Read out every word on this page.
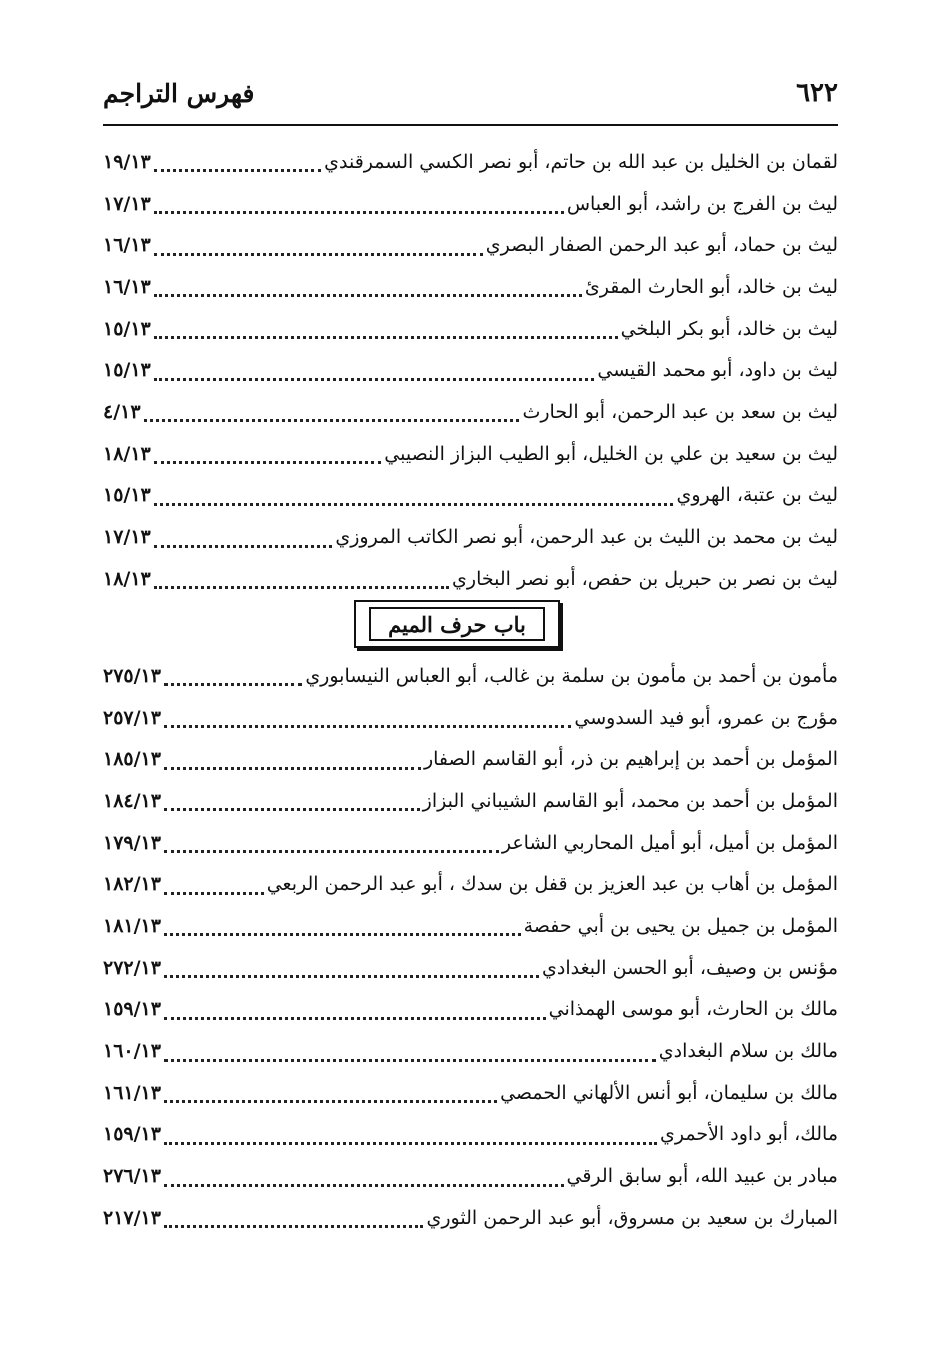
٦٢٢
فهرس التراجم
لقمان بن الخليل بن عبد الله بن حاتم، أبو نصر الكسي السمرقندي
١٩/١٣
ليث بن الفرج بن راشد، أبو العباس
١٧/١٣
ليث بن حماد، أبو عبد الرحمن الصفار البصري
١٦/١٣
ليث بن خالد، أبو الحارث المقرئ
١٦/١٣
ليث بن خالد، أبو بكر البلخي
١٥/١٣
ليث بن داود، أبو محمد القيسي
١٥/١٣
ليث بن سعد بن عبد الرحمن، أبو الحارث
٤/١٣
ليث بن سعيد بن علي بن الخليل، أبو الطيب البزاز النصيبي
١٨/١٣
ليث بن عتبة، الهروي
١٥/١٣
ليث بن محمد بن الليث بن عبد الرحمن، أبو نصر الكاتب المروزي
١٧/١٣
ليث بن نصر بن حبريل بن حفص، أبو نصر البخاري
١٨/١٣
باب حرف الميم
مأمون بن أحمد بن مأمون بن سلمة بن غالب، أبو العباس النيسابوري
٢٧٥/١٣
مؤرج بن عمرو، أبو فيد السدوسي
٢٥٧/١٣
المؤمل بن أحمد بن إبراهيم بن ذر، أبو القاسم الصفار
١٨٥/١٣
المؤمل بن أحمد بن محمد، أبو القاسم الشيباني البزاز
١٨٤/١٣
المؤمل بن أميل، أبو أميل المحاربي الشاعر
١٧٩/١٣
المؤمل بن أهاب بن عبد العزيز بن قفل بن سدك ، أبو عبد الرحمن الربعي
١٨٢/١٣
المؤمل بن جميل بن يحيى بن أبي حفصة
١٨١/١٣
مؤنس بن وصيف، أبو الحسن البغدادي
٢٧٢/١٣
مالك بن الحارث، أبو موسى الهمذاني
١٥٩/١٣
مالك بن سلام البغدادي
١٦٠/١٣
مالك بن سليمان، أبو أنس الألهاني الحمصي
١٦١/١٣
مالك، أبو داود الأحمري
١٥٩/١٣
مبادر بن عبيد الله، أبو سابق الرقي
٢٧٦/١٣
المبارك بن سعيد بن مسروق، أبو عبد الرحمن الثوري
٢١٧/١٣
